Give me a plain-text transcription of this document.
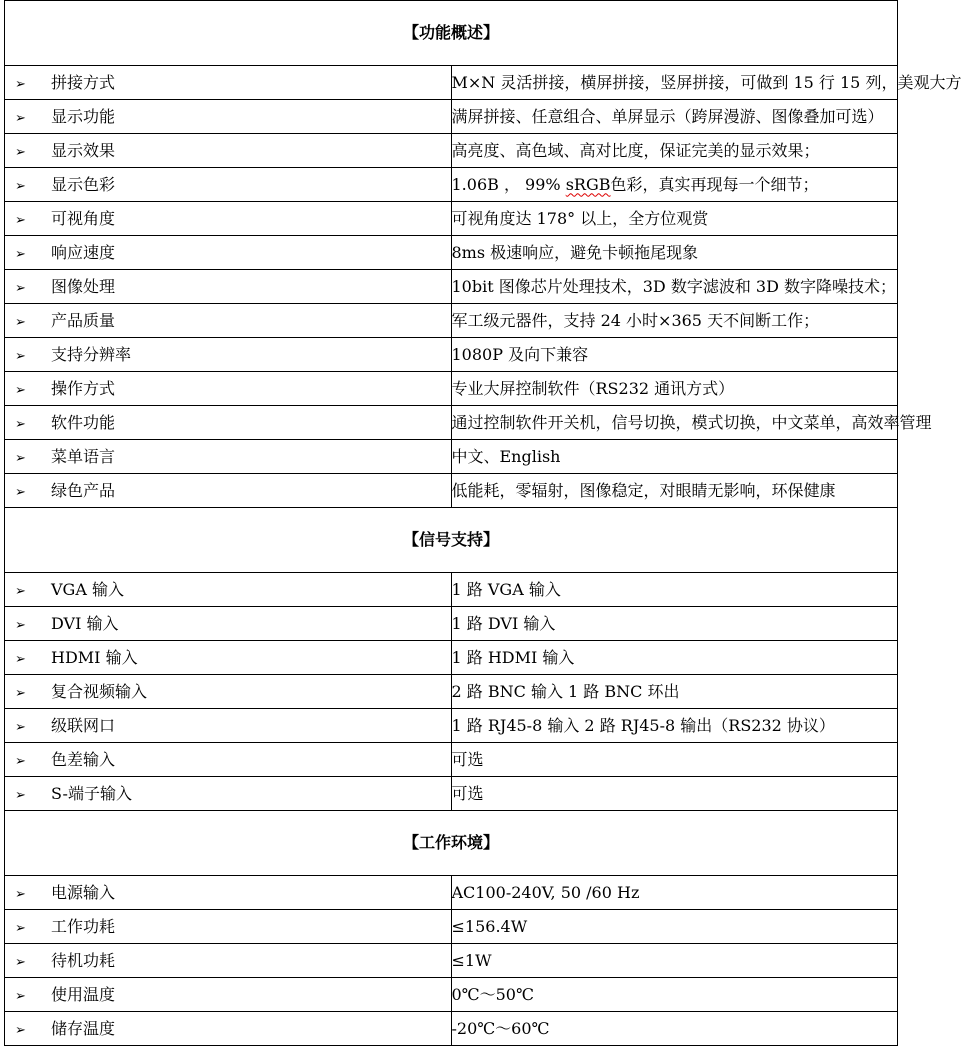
【功能概述】	
➢ 拼接方式	M×N 灵活拼接，横屏拼接，竖屏拼接，可做到 15 行 15 列，美观大方
➢ 显示功能	满屏拼接、任意组合、单屏显示（跨屏漫游、图像叠加可选）
➢ 显示效果	高亮度、高色域、高对比度，保证完美的显示效果；
➢ 显示色彩	1.06B ， 99% sRGB色彩，真实再现每一个细节；
➢ 可视角度	可视角度达 178° 以上，全方位观赏
➢ 响应速度	8ms 极速响应，避免卡顿拖尾现象
➢ 图像处理	10bit 图像芯片处理技术，3D 数字滤波和 3D 数字降噪技术；
➢ 产品质量	军工级元器件，支持 24 小时×365 天不间断工作；
➢ 支持分辨率	1080P 及向下兼容
➢ 操作方式	专业大屏控制软件（RS232 通讯方式）
➢ 软件功能	通过控制软件开关机，信号切换，模式切换，中文菜单，高效率管理
➢ 菜单语言	中文、English
➢ 绿色产品	低能耗，零辐射，图像稳定，对眼睛无影响，环保健康
【信号支持】	
➢ VGA 输入	1 路 VGA 输入
➢ DVI 输入	1 路 DVI 输入
➢ HDMI 输入	1 路 HDMI 输入
➢ 复合视频输入	2 路 BNC 输入 1 路 BNC 环出
➢ 级联网口	1 路 RJ45-8 输入 2 路 RJ45-8 输出（RS232 协议）
➢ 色差输入	可选
➢ S-端子输入	可选
【工作环境】	
➢ 电源输入	AC100-240V, 50 /60 Hz
➢ 工作功耗	≤156.4W
➢ 待机功耗	≤1W
➢ 使用温度	0℃～50℃
➢ 储存温度	-20℃～60℃
